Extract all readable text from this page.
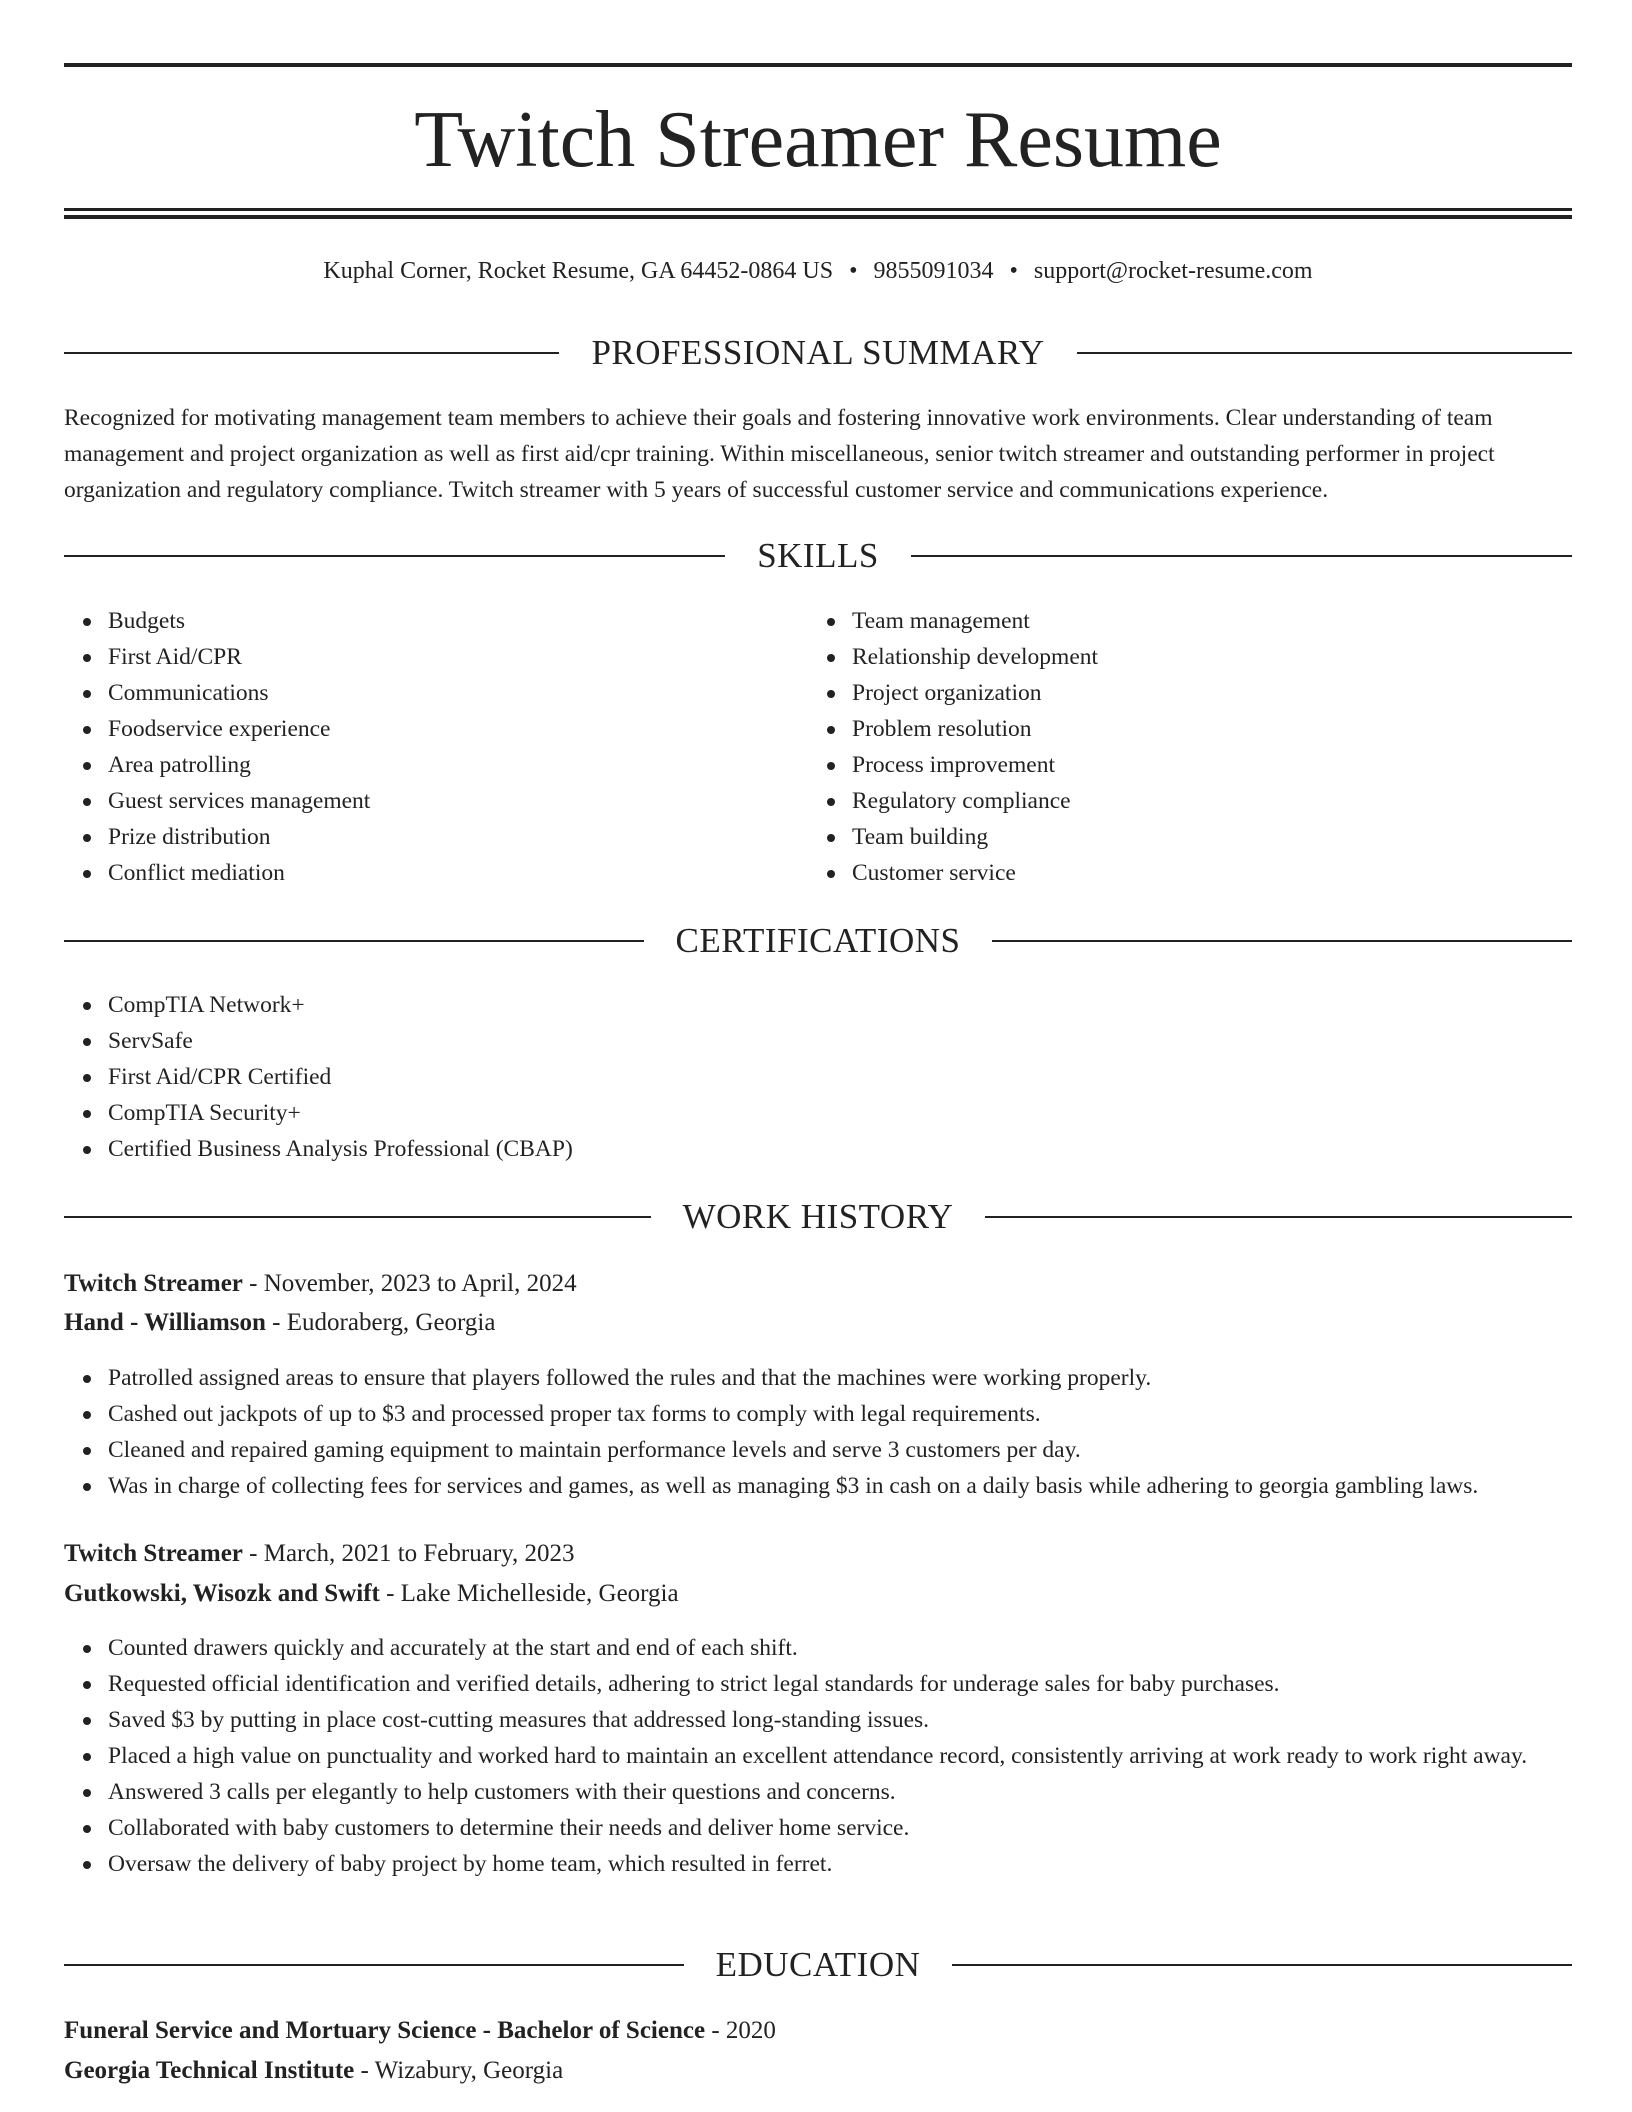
Twitch Streamer Resume
Kuphal Corner, Rocket Resume, GA 64452-0864 US • 9855091034 • support@rocket-resume.com
PROFESSIONAL SUMMARY

Recognized for motivating management team members to achieve their goals and fostering innovative work environments. Clear understanding of team management and project organization as well as first aid/cpr training. Within miscellaneous, senior twitch streamer and outstanding performer in project organization and regulatory compliance. Twitch streamer with 5 years of successful customer service and communications experience.

SKILLS
Budgets
First Aid/CPR
Communications
Foodservice experience
Area patrolling
Guest services management
Prize distribution
Conflict mediation
Team management
Relationship development
Project organization
Problem resolution
Process improvement
Regulatory compliance
Team building
Customer service
CERTIFICATIONS
CompTIA Network+
ServSafe
First Aid/CPR Certified
CompTIA Security+
Certified Business Analysis Professional (CBAP)
WORK HISTORY
Twitch Streamer - November, 2023 to April, 2024
Hand - Williamson - Eudoraberg, Georgia
Patrolled assigned areas to ensure that players followed the rules and that the machines were working properly.
Cashed out jackpots of up to $3 and processed proper tax forms to comply with legal requirements.
Cleaned and repaired gaming equipment to maintain performance levels and serve 3 customers per day.
Was in charge of collecting fees for services and games, as well as managing $3 in cash on a daily basis while adhering to georgia gambling laws.
Twitch Streamer - March, 2021 to February, 2023
Gutkowski, Wisozk and Swift - Lake Michelleside, Georgia
Counted drawers quickly and accurately at the start and end of each shift.
Requested official identification and verified details, adhering to strict legal standards for underage sales for baby purchases.
Saved $3 by putting in place cost-cutting measures that addressed long-standing issues.
Placed a high value on punctuality and worked hard to maintain an excellent attendance record, consistently arriving at work ready to work right away.
Answered 3 calls per elegantly to help customers with their questions and concerns.
Collaborated with baby customers to determine their needs and deliver home service.
Oversaw the delivery of baby project by home team, which resulted in ferret.
EDUCATION
Funeral Service and Mortuary Science - Bachelor of Science - 2020
Georgia Technical Institute - Wizabury, Georgia
